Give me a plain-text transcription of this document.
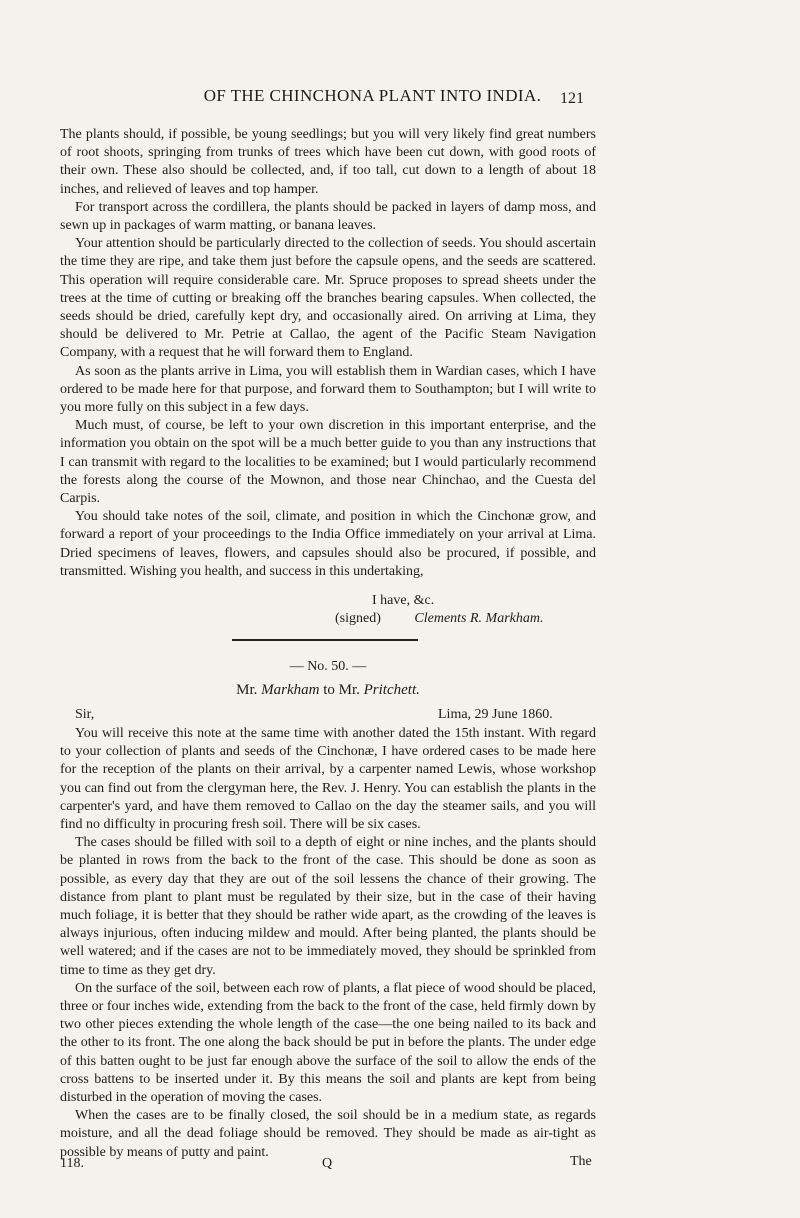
OF THE CHINCHONA PLANT INTO INDIA.	121

The plants should, if possible, be young seedlings; but you will very likely find great numbers of root shoots, springing from trunks of trees which have been cut down, with good roots of their own. These also should be collected, and, if too tall, cut down to a length of about 18 inches, and relieved of leaves and top hamper.

For transport across the cordillera, the plants should be packed in layers of damp moss, and sewn up in packages of warm matting, or banana leaves.

Your attention should be particularly directed to the collection of seeds. You should ascertain the time they are ripe, and take them just before the capsule opens, and the seeds are scattered. This operation will require considerable care. Mr. Spruce proposes to spread sheets under the trees at the time of cutting or breaking off the branches bearing capsules. When collected, the seeds should be dried, carefully kept dry, and occasionally aired. On arriving at Lima, they should be delivered to Mr. Petrie at Callao, the agent of the Pacific Steam Navigation Company, with a request that he will forward them to England.

As soon as the plants arrive in Lima, you will establish them in Wardian cases, which I have ordered to be made here for that purpose, and forward them to Southampton; but I will write to you more fully on this subject in a few days.

Much must, of course, be left to your own discretion in this important enterprise, and the information you obtain on the spot will be a much better guide to you than any instructions that I can transmit with regard to the localities to be examined; but I would particularly recommend the forests along the course of the Mownon, and those near Chinchao, and the Cuesta del Carpis.

You should take notes of the soil, climate, and position in which the Cinchonæ grow, and forward a report of your proceedings to the India Office immediately on your arrival at Lima. Dried specimens of leaves, flowers, and capsules should also be procured, if possible, and transmitted. Wishing you health, and success in this undertaking,

I have, &c.
(signed) Clements R. Markham.
— No. 50. —
Mr. Markham to Mr. Pritchett.
Sir,	Lima, 29 June 1860.

You will receive this note at the same time with another dated the 15th instant. With regard to your collection of plants and seeds of the Cinchonæ, I have ordered cases to be made here for the reception of the plants on their arrival, by a carpenter named Lewis, whose workshop you can find out from the clergyman here, the Rev. J. Henry. You can establish the plants in the carpenter's yard, and have them removed to Callao on the day the steamer sails, and you will find no difficulty in procuring fresh soil. There will be six cases.

The cases should be filled with soil to a depth of eight or nine inches, and the plants should be planted in rows from the back to the front of the case. This should be done as soon as possible, as every day that they are out of the soil lessens the chance of their growing. The distance from plant to plant must be regulated by their size, but in the case of their having much foliage, it is better that they should be rather wide apart, as the crowding of the leaves is always injurious, often inducing mildew and mould. After being planted, the plants should be well watered; and if the cases are not to be immediately moved, they should be sprinkled from time to time as they get dry.

On the surface of the soil, between each row of plants, a flat piece of wood should be placed, three or four inches wide, extending from the back to the front of the case, held firmly down by two other pieces extending the whole length of the case—the one being nailed to its back and the other to its front. The one along the back should be put in before the plants. The under edge of this batten ought to be just far enough above the surface of the soil to allow the ends of the cross battens to be inserted under it. By this means the soil and plants are kept from being disturbed in the operation of moving the cases.

When the cases are to be finally closed, the soil should be in a medium state, as regards moisture, and all the dead foliage should be removed. They should be made as air-tight as possible by means of putty and paint.

118.	Q	The
